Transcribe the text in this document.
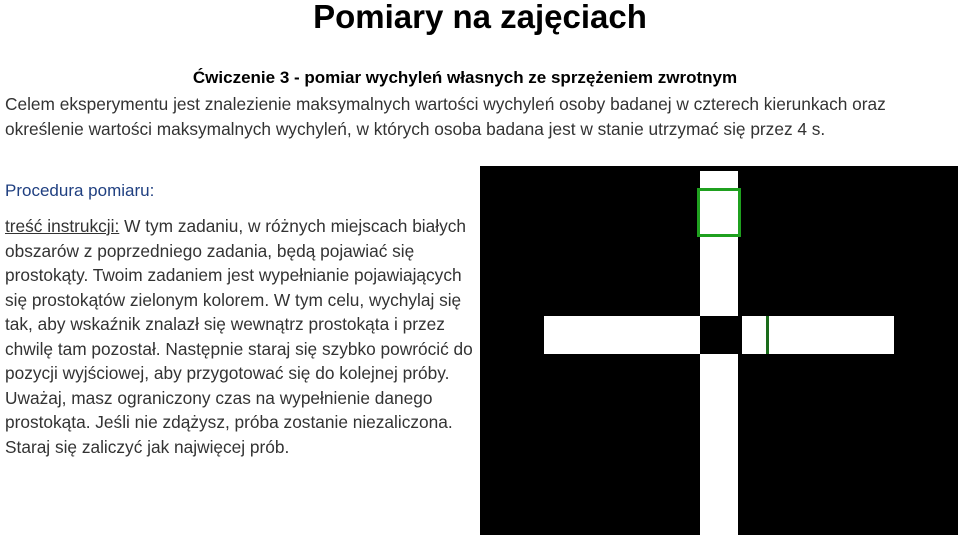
Pomiary na zajęciach
Ćwiczenie 3 - pomiar wychyleń własnych ze sprzężeniem zwrotnym
Celem eksperymentu jest znalezienie maksymalnych wartości wychyleń osoby badanej w czterech kierunkach oraz określenie wartości maksymalnych wychyleń, w których osoba badana jest w stanie utrzymać się przez 4 s.
Procedura pomiaru:
treść instrukcji: W tym zadaniu, w różnych miejscach białych obszarów z poprzedniego zadania, będą pojawiać się prostokąty. Twoim zadaniem jest wypełnianie pojawiających się prostokątów zielonym kolorem. W tym celu, wychylaj się tak, aby wskaźnik znalazł się wewnątrz prostokąta i przez chwilę tam pozostał. Następnie staraj się szybko powrócić do pozycji wyjściowej, aby przygotować się do kolejnej próby. Uważaj, masz ograniczony czas na wypełnienie danego prostokąta. Jeśli nie zdążysz, próba zostanie niezaliczona. Staraj się zaliczyć jak najwięcej prób.
